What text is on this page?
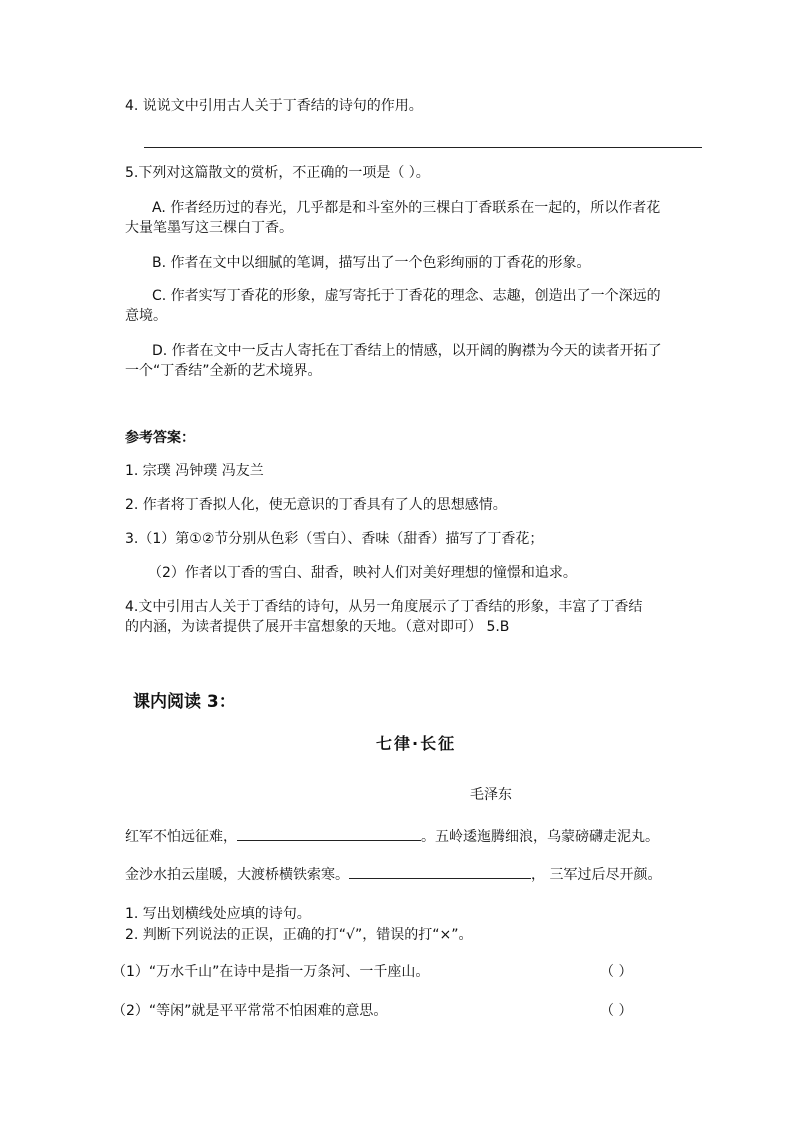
4. 说说文中引用古人关于丁香结的诗句的作用。
5.下列对这篇散文的赏析，不正确的一项是（ ）。
A. 作者经历过的春光，几乎都是和斗室外的三棵白丁香联系在一起的，所以作者花
大量笔墨写这三棵白丁香。
B. 作者在文中以细腻的笔调，描写出了一个色彩绚丽的丁香花的形象。
C. 作者实写丁香花的形象，虚写寄托于丁香花的理念、志趣，创造出了一个深远的
意境。
D. 作者在文中一反古人寄托在丁香结上的情感，以开阔的胸襟为今天的读者开拓了
一个“丁香结”全新的艺术境界。
参考答案：
1. 宗璞 冯钟璞 冯友兰
2. 作者将丁香拟人化，使无意识的丁香具有了人的思想感情。
3.（1）第①②节分别从色彩（雪白）、香味（甜香）描写了丁香花；
（2）作者以丁香的雪白、甜香，映衬人们对美好理想的憧憬和追求。
4.文中引用古人关于丁香结的诗句，从另一角度展示了丁香结的形象，丰富了丁香结
的内涵，为读者提供了展开丰富想象的天地。（意对即可） 5.B
课内阅读 3：
七律·长征
毛泽东
红军不怕远征难，	。五岭逶迤腾细浪，乌蒙磅礴走泥丸。
金沙水拍云崖暖，大渡桥横铁索寒。	， 三军过后尽开颜。
1. 写出划横线处应填的诗句。
2. 判断下列说法的正误，正确的打“√”，错误的打“×”。
（1）“万水千山”在诗中是指一万条河、一千座山。	（ ）
（2）“等闲”就是平平常常不怕困难的意思。	（ ）
